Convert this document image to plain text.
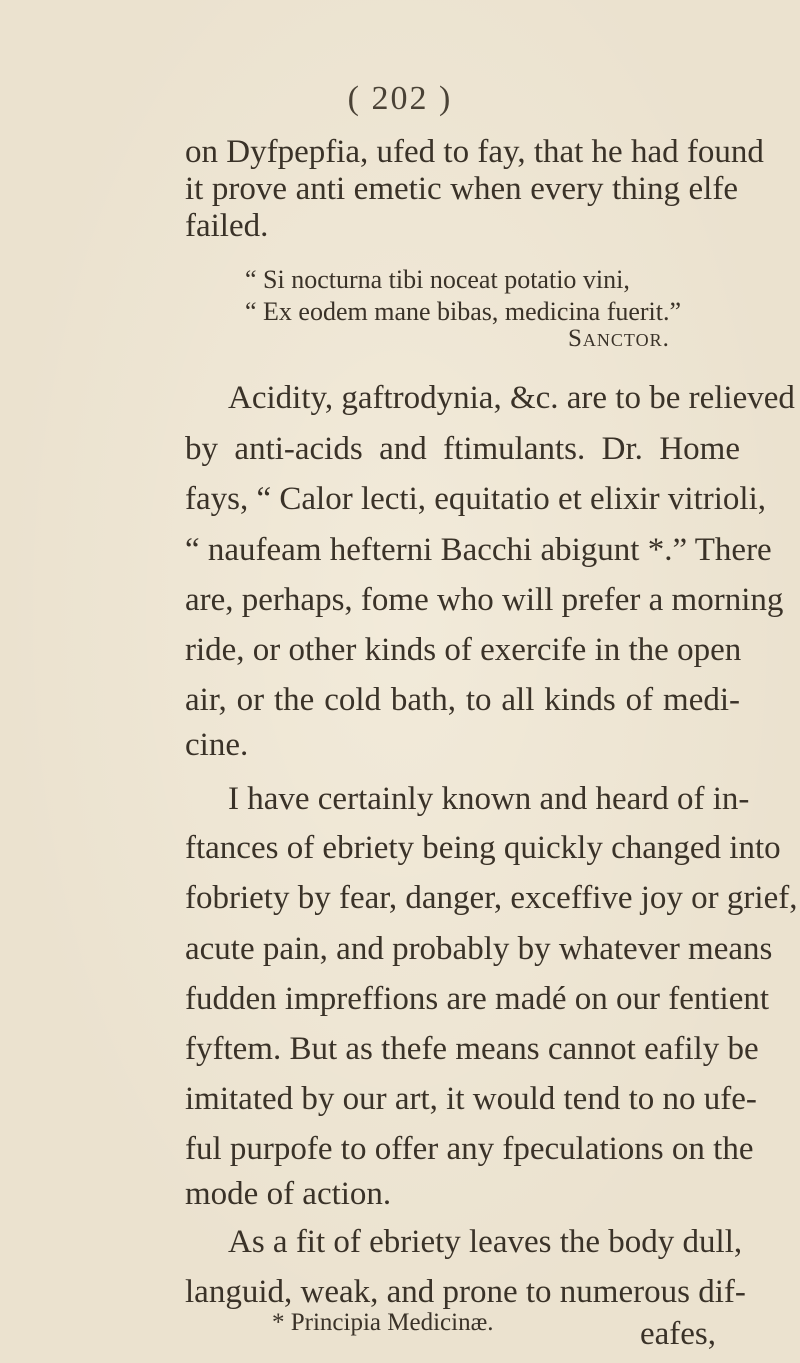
( 202 )
on Dyfpepfia, ufed to fay, that he had found
it prove anti emetic when every thing elfe
failed.
“ Si nocturna tibi noceat potatio vini,
“ Ex eodem mane bibas, medicina fuerit.”
Sanctor.
Acidity, gaftrodynia, &c. are to be relieved
by anti-acids and ftimulants. Dr. Home
fays, “ Calor lecti, equitatio et elixir vitrioli,
“ naufeam hefterni Bacchi abigunt *.” There
are, perhaps, fome who will prefer a morning
ride, or other kinds of exercife in the open
air, or the cold bath, to all kinds of medi-
cine.
I have certainly known and heard of in-
ftances of ebriety being quickly changed into
fobriety by fear, danger, exceffive joy or grief,
acute pain, and probably by whatever means
fudden impreffions are madé on our fentient
fyftem. But as thefe means cannot eafily be
imitated by our art, it would tend to no ufe-
ful purpofe to offer any fpeculations on the
mode of action.
As a fit of ebriety leaves the body dull,
languid, weak, and prone to numerous dif-
* Principia Medicinæ.	eafes,
